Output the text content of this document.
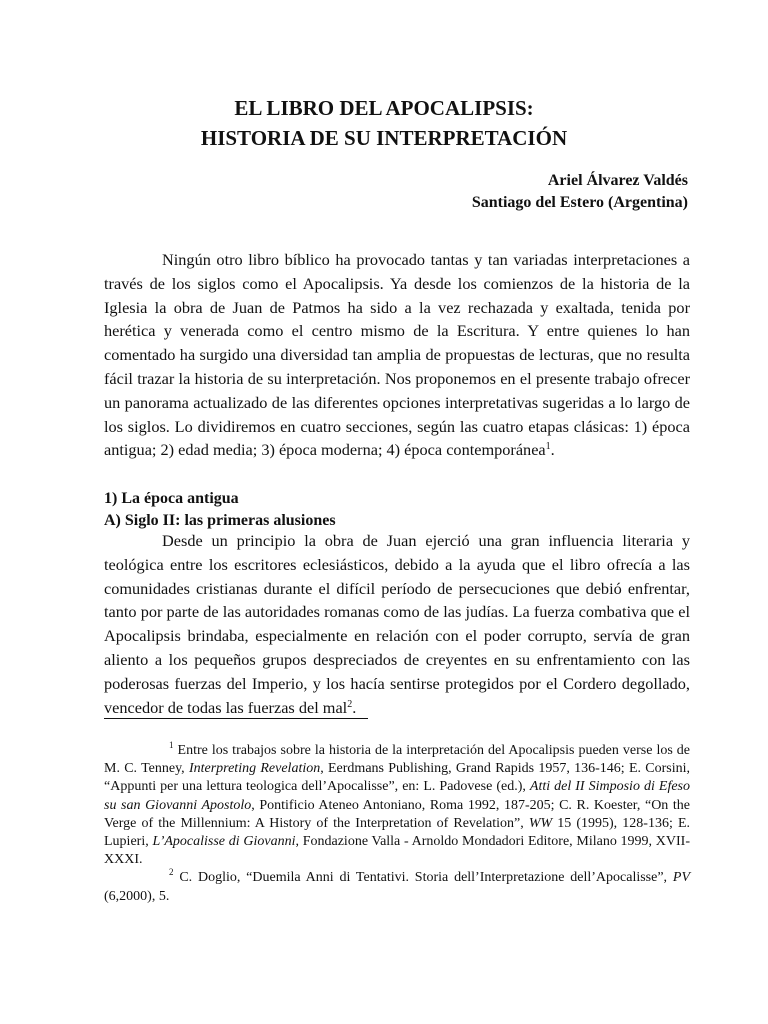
EL LIBRO DEL APOCALIPSIS:
HISTORIA DE SU INTERPRETACIÓN
Ariel Álvarez Valdés
Santiago del Estero (Argentina)
Ningún otro libro bíblico ha provocado tantas y tan variadas interpretaciones a través de los siglos como el Apocalipsis. Ya desde los comienzos de la historia de la Iglesia la obra de Juan de Patmos ha sido a la vez rechazada y exaltada, tenida por herética y venerada como el centro mismo de la Escritura. Y entre quienes lo han comentado ha surgido una diversidad tan amplia de propuestas de lecturas, que no resulta fácil trazar la historia de su interpretación. Nos proponemos en el presente trabajo ofrecer un panorama actualizado de las diferentes opciones interpretativas sugeridas a lo largo de los siglos. Lo dividiremos en cuatro secciones, según las cuatro etapas clásicas: 1) época antigua; 2) edad media; 3) época moderna; 4) época contemporánea$^1$.
1) La época antigua
A) Siglo II: las primeras alusiones
Desde un principio la obra de Juan ejerció una gran influencia literaria y teológica entre los escritores eclesiásticos, debido a la ayuda que el libro ofrecía a las comunidades cristianas durante el difícil período de persecuciones que debió enfrentar, tanto por parte de las autoridades romanas como de las judías. La fuerza combativa que el Apocalipsis brindaba, especialmente en relación con el poder corrupto, servía de gran aliento a los pequeños grupos despreciados de creyentes en su enfrentamiento con las poderosas fuerzas del Imperio, y los hacía sentirse protegidos por el Cordero degollado, vencedor de todas las fuerzas del mal$^2$.

$^1$ Entre los trabajos sobre la historia de la interpretación del Apocalipsis pueden verse los de M. C. Tenney, Interpreting Revelation, Eerdmans Publishing, Grand Rapids 1957, 136-146; E. Corsini, “Appunti per una lettura teologica dell’Apocalisse”, en: L. Padovese (ed.), Atti del II Simposio di Efeso su san Giovanni Apostolo, Pontificio Ateneo Antoniano, Roma 1992, 187-205; C. R. Koester, “On the Verge of the Millennium: A History of the Interpretation of Revelation”, WW 15 (1995), 128-136; E. Lupieri, L’Apocalisse di Giovanni, Fondazione Valla - Arnoldo Mondadori Editore, Milano 1999, XVII-XXXI.

$^2$ C. Doglio, “Duemila Anni di Tentativi. Storia dell’Interpretazione dell’Apocalisse”, PV (6,2000), 5.
